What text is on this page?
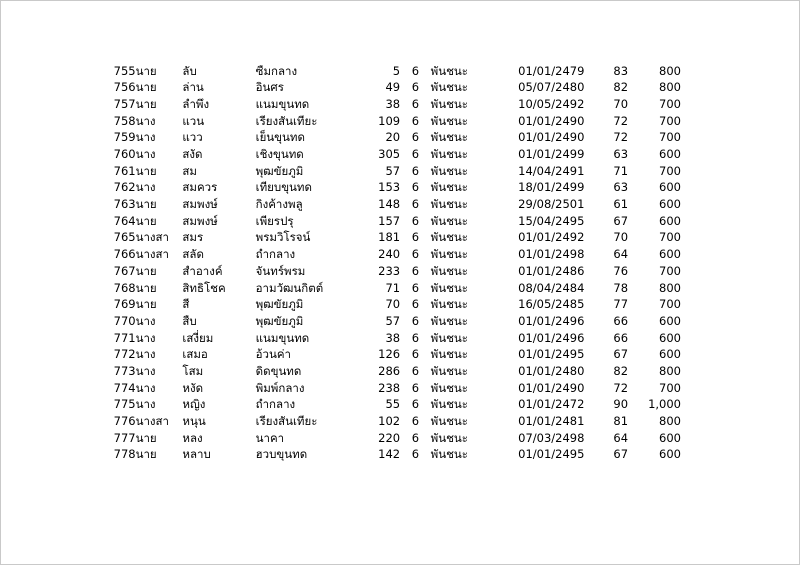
755	นาย	ลับ	ซืมกลาง	5	6	พันชนะ	01/01/2479	83	800
756	นาย	ล่าน	อินศร	49	6	พันชนะ	05/07/2480	82	800
757	นาย	ลำพึง	แนมขุนทด	38	6	พันชนะ	10/05/2492	70	700
758	นาง	แวน	เรียงสันเทียะ	109	6	พันชนะ	01/01/2490	72	700
759	นาง	แวว	เย็นขุนทด	20	6	พันชนะ	01/01/2490	72	700
760	นาง	สงัด	เชิงขุนทด	305	6	พันชนะ	01/01/2499	63	600
761	นาย	สม	พุฒขัยภูมิ	57	6	พันชนะ	14/04/2491	71	700
762	นาง	สมควร	เทียบขุนทด	153	6	พันชนะ	18/01/2499	63	600
763	นาย	สมพงษ์	กิงค้างพลู	148	6	พันชนะ	29/08/2501	61	600
764	นาย	สมพงษ์	เพียรปรุ	157	6	พันชนะ	15/04/2495	67	600
765	นางสา	สมร	พรมวิโรจน์	181	6	พันชนะ	01/01/2492	70	700
766	นางสา	สลัด	ถำกลาง	240	6	พันชนะ	01/01/2498	64	600
767	นาย	สำอางค์	จันทร์พรม	233	6	พันชนะ	01/01/2486	76	700
768	นาย	สิทธิโชค	อามวัฒนกิตต์	71	6	พันชนะ	08/04/2484	78	800
769	นาย	สี	พุฒขัยภูมิ	70	6	พันชนะ	16/05/2485	77	700
770	นาง	สืบ	พุฒขัยภูมิ	57	6	พันชนะ	01/01/2496	66	600
771	นาง	เสงี่ยม	แนมขุนทด	38	6	พันชนะ	01/01/2496	66	600
772	นาง	เสมอ	อ้วนค่า	126	6	พันชนะ	01/01/2495	67	600
773	นาง	โสม	ดิดขุนทด	286	6	พันชนะ	01/01/2480	82	800
774	นาง	หงัด	พิมพ์กลาง	238	6	พันชนะ	01/01/2490	72	700
775	นาง	หญิง	ถำกลาง	55	6	พันชนะ	01/01/2472	90	1,000
776	นางสา	หนุน	เรียงสันเทียะ	102	6	พันชนะ	01/01/2481	81	800
777	นาย	หลง	นาคา	220	6	พันชนะ	07/03/2498	64	600
778	นาย	หลาบ	ฮวบขุนทด	142	6	พันชนะ	01/01/2495	67	600
